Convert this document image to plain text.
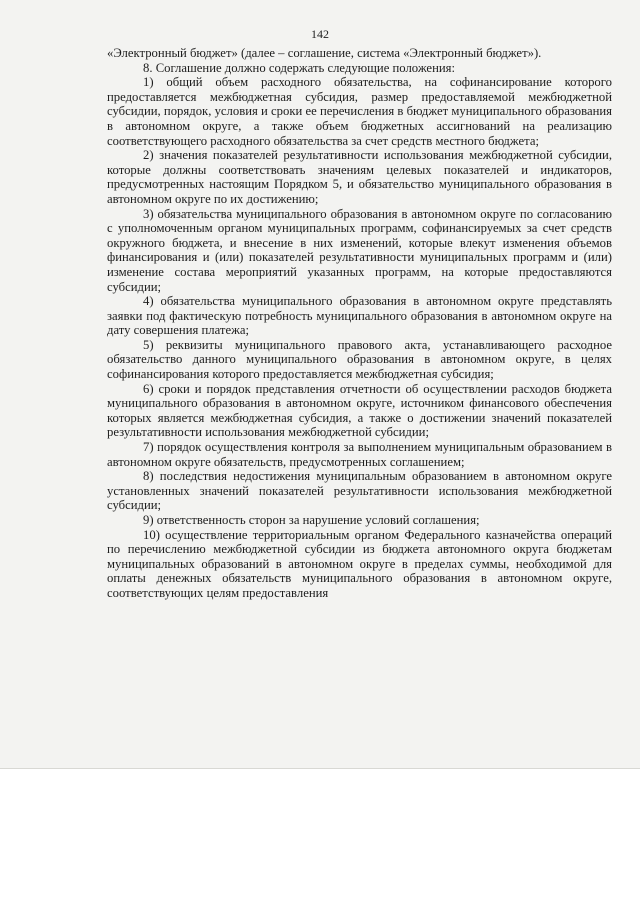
142

«Электронный бюджет» (далее – соглашение, система «Электронный бюджет»).

8. Соглашение должно содержать следующие положения:

1) общий объем расходного обязательства, на софинансирование которого предоставляется межбюджетная субсидия, размер предоставляемой межбюджетной субсидии, порядок, условия и сроки ее перечисления в бюджет муниципального образования в автономном округе, а также объем бюджетных ассигнований на реализацию соответствующего расходного обязательства за счет средств местного бюджета;

2) значения показателей результативности использования межбюджетной субсидии, которые должны соответствовать значениям целевых показателей и индикаторов, предусмотренных настоящим Порядком 5, и обязательство муниципального образования в автономном округе по их достижению;

3) обязательства муниципального образования в автономном округе по согласованию с уполномоченным органом муниципальных программ, софинансируемых за счет средств окружного бюджета, и внесение в них изменений, которые влекут изменения объемов финансирования и (или) показателей результативности муниципальных программ и (или) изменение состава мероприятий указанных программ, на которые предоставляются субсидии;

4) обязательства муниципального образования в автономном округе представлять заявки под фактическую потребность муниципального образования в автономном округе на дату совершения платежа;

5) реквизиты муниципального правового акта, устанавливающего расходное обязательство данного муниципального образования в автономном округе, в целях софинансирования которого предоставляется межбюджетная субсидия;

6) сроки и порядок представления отчетности об осуществлении расходов бюджета муниципального образования в автономном округе, источником финансового обеспечения которых является межбюджетная субсидия, а также о достижении значений показателей результативности использования межбюджетной субсидии;

7) порядок осуществления контроля за выполнением муниципальным образованием в автономном округе обязательств, предусмотренных соглашением;

8) последствия недостижения муниципальным образованием в автономном округе установленных значений показателей результативности использования межбюджетной субсидии;

9) ответственность сторон за нарушение условий соглашения;

10) осуществление территориальным органом Федерального казначейства операций по перечислению межбюджетной субсидии из бюджета автономного округа бюджетам муниципальных образований в автономном округе в пределах суммы, необходимой для оплаты денежных обязательств муниципального образования в автономном округе, соответствующих целям предоставления
